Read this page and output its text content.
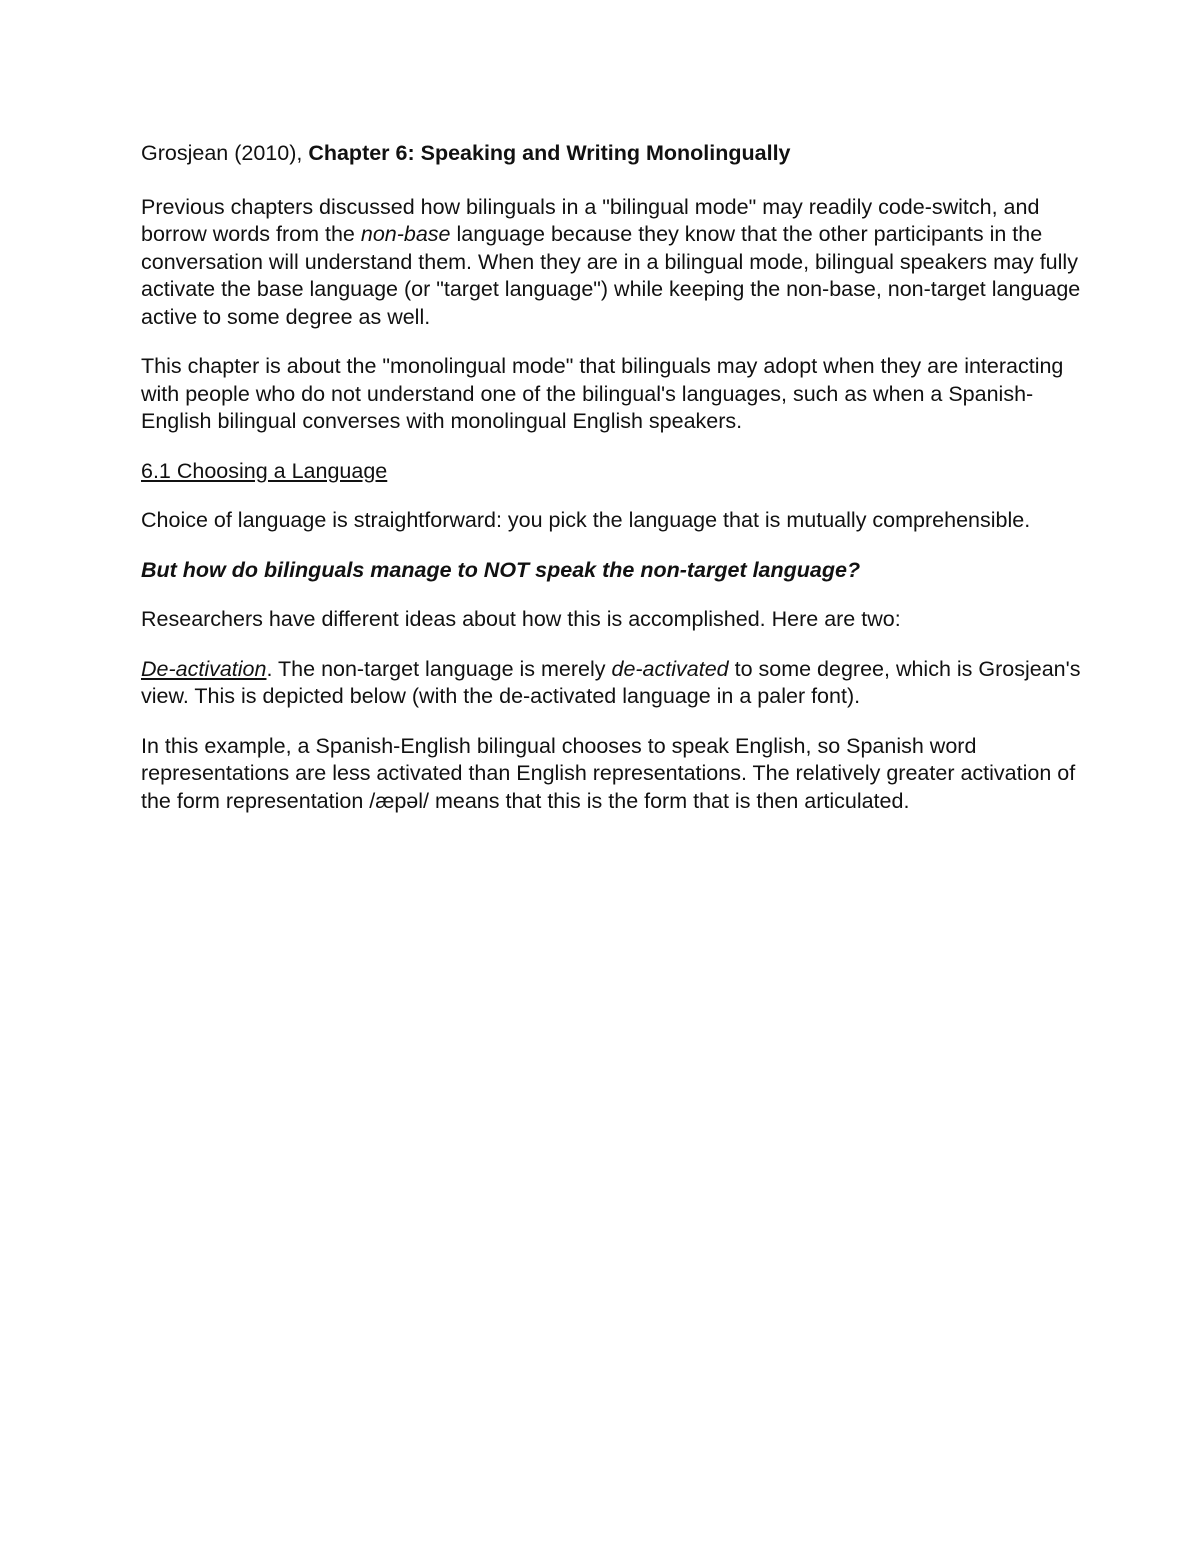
Grosjean (2010), Chapter 6: Speaking and Writing Monolingually

Previous chapters discussed how bilinguals in a "bilingual mode" may readily code-switch, and borrow words from the non-base language because they know that the other participants in the conversation will understand them. When they are in a bilingual mode, bilingual speakers may fully activate the base language (or "target language") while keeping the non-base, non-target language active to some degree as well.

This chapter is about the "monolingual mode" that bilinguals may adopt when they are interacting with people who do not understand one of the bilingual's languages, such as when a Spanish-English bilingual converses with monolingual English speakers.

6.1 Choosing a Language

Choice of language is straightforward: you pick the language that is mutually comprehensible.

But how do bilinguals manage to NOT speak the non-target language?

Researchers have different ideas about how this is accomplished. Here are two:

De-activation. The non-target language is merely de-activated to some degree, which is Grosjean's view. This is depicted below (with the de-activated language in a paler font).

In this example, a Spanish-English bilingual chooses to speak English, so Spanish word representations are less activated than English representations. The relatively greater activation of the form representation /æpəl/ means that this is the form that is then articulated.
